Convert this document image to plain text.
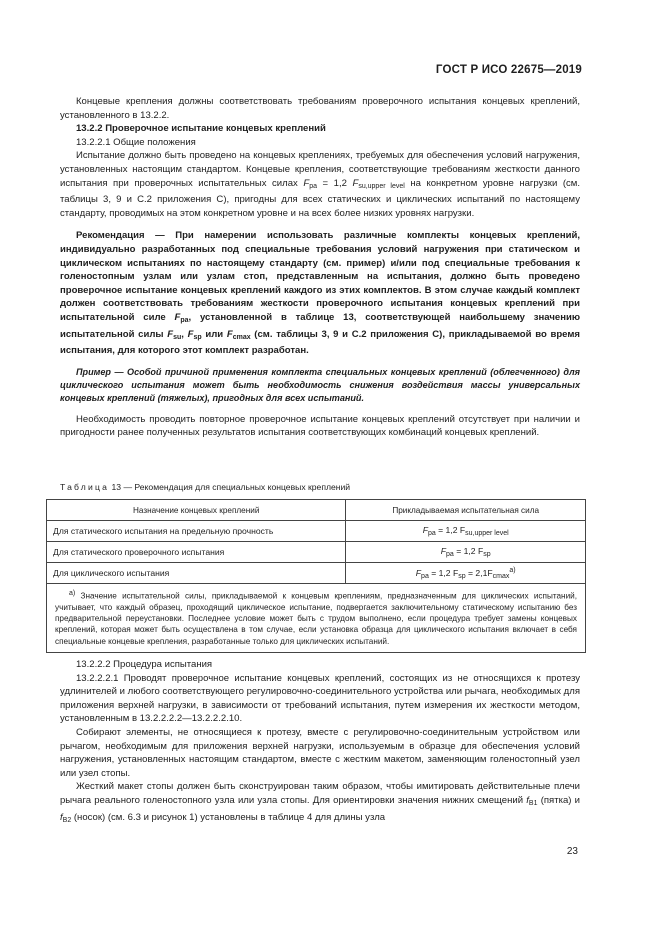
ГОСТ Р ИСО 22675—2019

Концевые крепления должны соответствовать требованиям проверочного испытания концевых креплений, установленного в 13.2.2.

13.2.2 Проверочное испытание концевых креплений

13.2.2.1 Общие положения

Испытание должно быть проведено на концевых креплениях, требуемых для обеспечения условий нагружения, установленных настоящим стандартом. Концевые крепления, соответствующие требованиям жесткости данного испытания при проверочных испытательных силах $F_{pa} = 1,2$ $F_{su,upper level}$ на конкретном уровне нагрузки (см. таблицы 3, 9 и С.2 приложения С), пригодны для всех статических и циклических испытаний по настоящему стандарту, проводимых на этом конкретном уровне и на всех более низких уровнях нагрузки.

Рекомендация — При намерении использовать различные комплекты концевых креплений, индивидуально разработанных под специальные требования условий нагружения при статическом и циклическом испытаниях по настоящему стандарту (см. пример) и/или под специальные требования к голеностопным узлам или узлам стоп, представленным на испытания, должно быть проведено проверочное испытание концевых креплений каждого из этих комплектов. В этом случае каждый комплект должен соответствовать требованиям жесткости проверочного испытания концевых креплений при испытательной силе $F_{pa}$, установленной в таблице 13, соответствующей наибольшему значению испытательной силы $F_{su}$, $F_{sp}$ или $F_{cmax}$ (см. таблицы 3, 9 и С.2 приложения С), прикладываемой во время испытания, для которого этот комплект разработан.

Пример — Особой причиной применения комплекта специальных концевых креплений (облегченного) для циклического испытания может быть необходимость снижения воздействия массы универсальных концевых креплений (тяжелых), пригодных для всех испытаний.

Необходимость проводить повторное проверочное испытание концевых креплений отсутствует при наличии и пригодности ранее полученных результатов испытания соответствующих комбинаций концевых креплений.

Таблица 13 — Рекомендация для специальных концевых креплений
Назначение концевых креплений	Прикладываемая испытательная сила
Для статического испытания на предельную прочность	$F_{pa} = 1,2$ $F_{su,upper level}$
Для статического проверочного испытания	$F_{pa} = 1,2$ $F_{sp}$
Для циклического испытания	$F_{pa} = 1,2$ $F_{sp} = 2,1F_{cmax}^{a)}$

$^{а)}$ Значение испытательной силы, прикладываемой к концевым креплениям, предназначенным для циклических испытаний, учитывает, что каждый образец, проходящий циклическое испытание, подвергается заключительному статическому испытанию без предварительной переустановки. Последнее условие может быть с трудом выполнено, если процедура требует замены концевых креплений, которая может быть осуществлена в том случае, если установка образца для циклического испытания включает в себя специальные концевые крепления, разработанные только для циклических испытаний.	

13.2.2.2 Процедура испытания

13.2.2.2.1 Проводят проверочное испытание концевых креплений, состоящих из не относящихся к протезу удлинителей и любого соответствующего регулировочно-соединительного устройства или рычага, необходимых для приложения верхней нагрузки, в зависимости от требований испытания, путем измерения их жесткости методом, установленным в 13.2.2.2.2—13.2.2.2.10.

Собирают элементы, не относящиеся к протезу, вместе с регулировочно-соединительным устройством или рычагом, необходимым для приложения верхней нагрузки, используемым в образце для обеспечения условий нагружения, установленных настоящим стандартом, вместе с жестким макетом, заменяющим голеностопный узел или узел стопы.

Жесткий макет стопы должен быть сконструирован таким образом, чтобы имитировать действительные плечи рычага реального голеностопного узла или узла стопы. Для ориентировки значения нижних смещений $f_{B1}$ (пятка) и $f_{B2}$ (носок) (см. 6.3 и рисунок 1) установлены в таблице 4 для длины узла

23
